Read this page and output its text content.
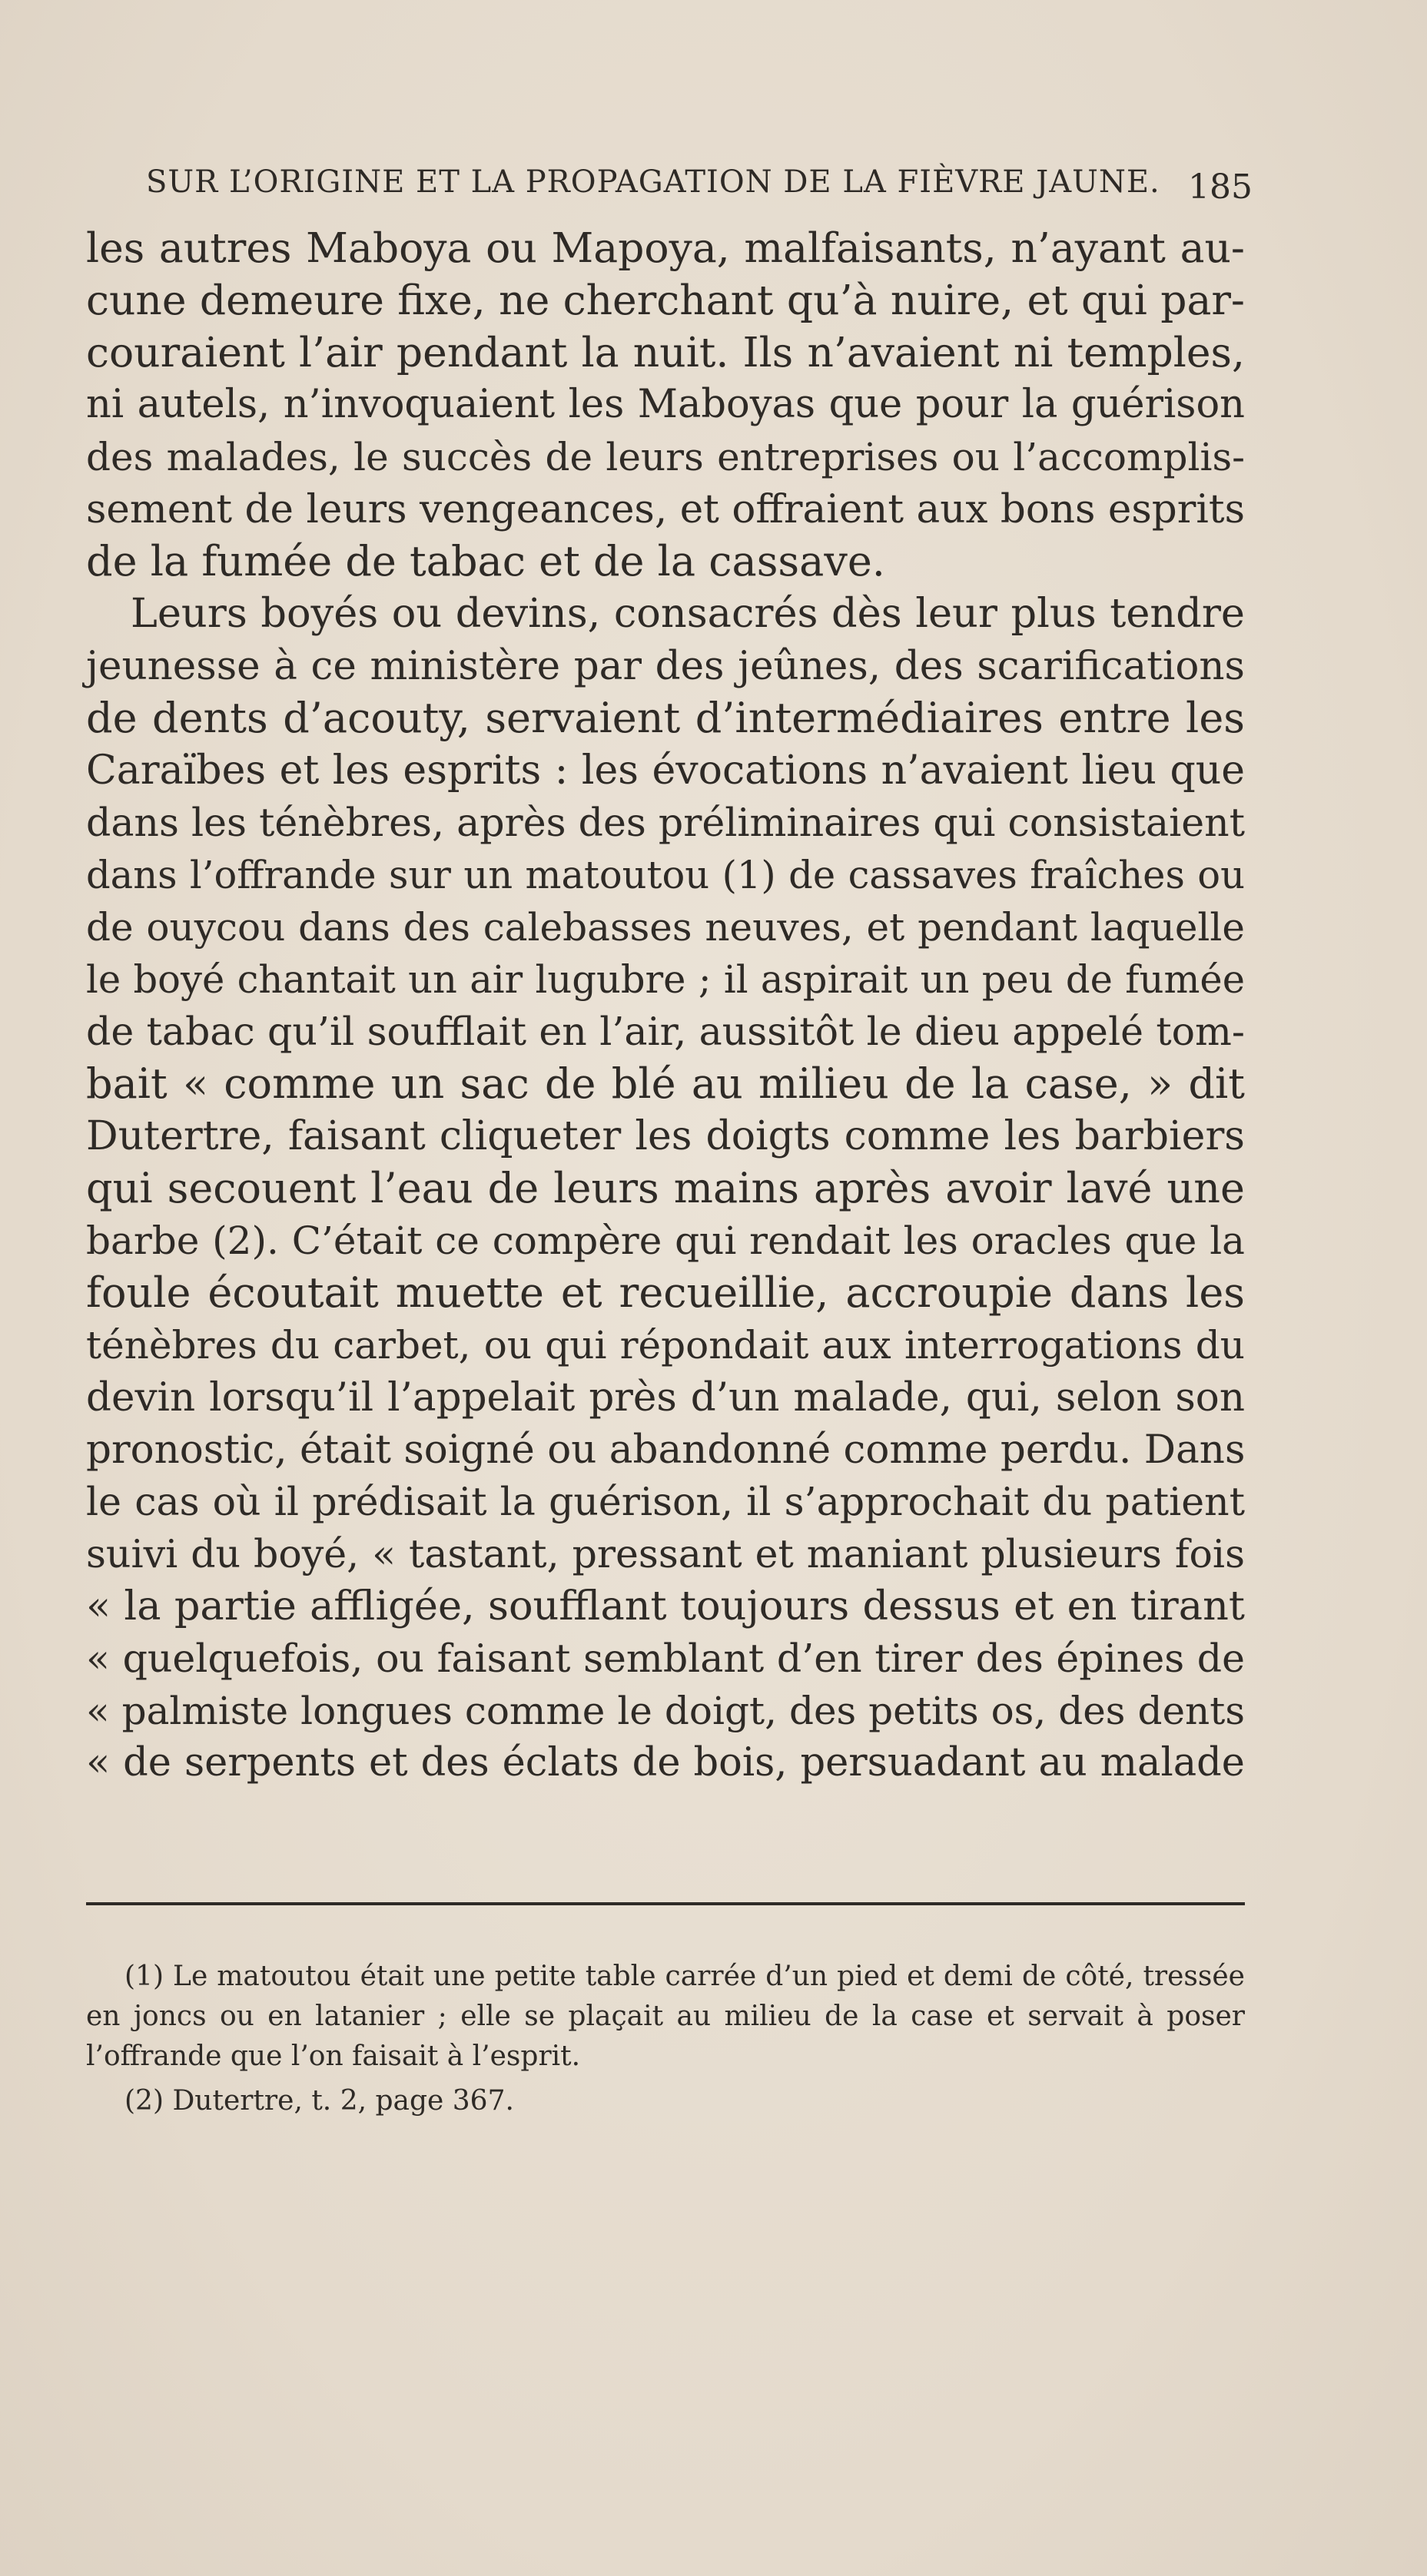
SUR L’ORIGINE ET LA PROPAGATION DE LA FIÈVRE JAUNE. 185
les autres Maboya ou Mapoya, malfaisants, n’ayant au-
cune demeure fixe, ne cherchant qu’à nuire, et qui par-
couraient l’air pendant la nuit. Ils n’avaient ni temples,
ni autels, n’invoquaient les Maboyas que pour la guérison
des malades, le succès de leurs entreprises ou l’accomplis-
sement de leurs vengeances, et offraient aux bons esprits
de la fumée de tabac et de la cassave.
Leurs boyés ou devins, consacrés dès leur plus tendre
jeunesse à ce ministère par des jeûnes, des scarifications
de dents d’acouty, servaient d’intermédiaires entre les
Caraïbes et les esprits : les évocations n’avaient lieu que
dans les ténèbres, après des préliminaires qui consistaient
dans l’offrande sur un matoutou (1) de cassaves fraîches ou
de ouycou dans des calebasses neuves, et pendant laquelle
le boyé chantait un air lugubre ; il aspirait un peu de fumée
de tabac qu’il soufflait en l’air, aussitôt le dieu appelé tom-
bait « comme un sac de blé au milieu de la case, » dit
Dutertre, faisant cliqueter les doigts comme les barbiers
qui secouent l’eau de leurs mains après avoir lavé une
barbe (2). C’était ce compère qui rendait les oracles que la
foule écoutait muette et recueillie, accroupie dans les
ténèbres du carbet, ou qui répondait aux interrogations du
devin lorsqu’il l’appelait près d’un malade, qui, selon son
pronostic, était soigné ou abandonné comme perdu. Dans
le cas où il prédisait la guérison, il s’approchait du patient
suivi du boyé, « tastant, pressant et maniant plusieurs fois
« la partie affligée, soufflant toujours dessus et en tirant
« quelquefois, ou faisant semblant d’en tirer des épines de
« palmiste longues comme le doigt, des petits os, des dents
« de serpents et des éclats de bois, persuadant au malade
(1) Le matoutou était une petite table carrée d’un pied et demi de côté, tressée
en joncs ou en latanier ; elle se plaçait au milieu de la case et servait à poser
l’offrande que l’on faisait à l’esprit.
(2) Dutertre, t. 2, page 367.
